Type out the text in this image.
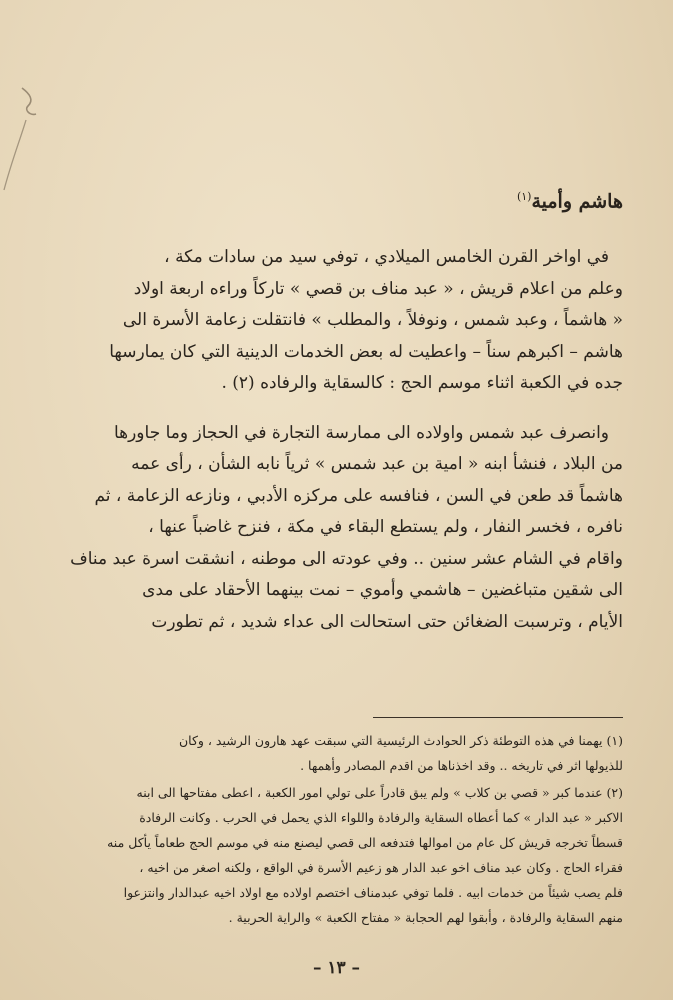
هاشم وأمية$^{(١)}$

في اواخر القرن الخامس الميلادي ، توفي سيد من سادات مكة ،

وعلم من اعلام قريش ، « عبد مناف بن قصي » تاركاً وراءه اربعة اولاد

« هاشماً ، وعبد شمس ، ونوفلاً ، والمطلب » فانتقلت زعامة الأسرة الى

هاشم – اكبرهم سناً – واعطيت له بعض الخدمات الدينية التي كان يمارسها

جده في الكعبة اثناء موسم الحج : كالسقاية والرفاده (٢) .

وانصرف عبد شمس واولاده الى ممارسة التجارة في الحجاز وما جاورها

من البلاد ، فنشأ ابنه « امية بن عبد شمس » ثرياً نابه الشأن ، رأى عمه

هاشماً قد طعن في السن ، فنافسه على مركزه الأدبي ، ونازعه الزعامة ، ثم

نافره ، فخسر النفار ، ولم يستطع البقاء في مكة ، فنزح غاضباً عنها ،

واقام في الشام عشر سنين .. وفي عودته الى موطنه ، انشقت اسرة عبد مناف

الى شقين متباغضين – هاشمي وأموي – نمت بينهما الأحقاد على مدى

الأيام ، وترسبت الضغائن حتى استحالت الى عداء شديد ، ثم تطورت

(١) يهمنا في هذه التوطئة ذكر الحوادث الرئيسية التي سبقت عهد هارون الرشيد ، وكان

للذيولها اثر في تاريخه .. وقد اخذناها من اقدم المصادر وأهمها .

(٢) عندما كبر « قصي بن كلاب » ولم يبق قادراً على تولي امور الكعبة ، اعطى مفتاحها الى ابنه

الاكبر « عبد الدار » كما أعطاه السقاية والرفادة واللواء الذي يحمل في الحرب . وكانت الرفادة

قسطاً تخرجه قريش كل عام من اموالها فتدفعه الى قصي ليصنع منه في موسم الحج طعاماً يأكل منه

فقراء الحاج . وكان عبد مناف اخو عبد الدار هو زعيم الأسرة في الواقع ، ولكنه اصغر من اخيه ،

فلم يصب شيئاً من خدمات ابيه . فلما توفي عبدمناف اختصم اولاده مع اولاد اخيه عبدالدار وانتزعوا

منهم السقاية والرفادة ، وأبقوا لهم الحجابة « مفتاح الكعبة » والراية الحربية .

– ١٣ –
